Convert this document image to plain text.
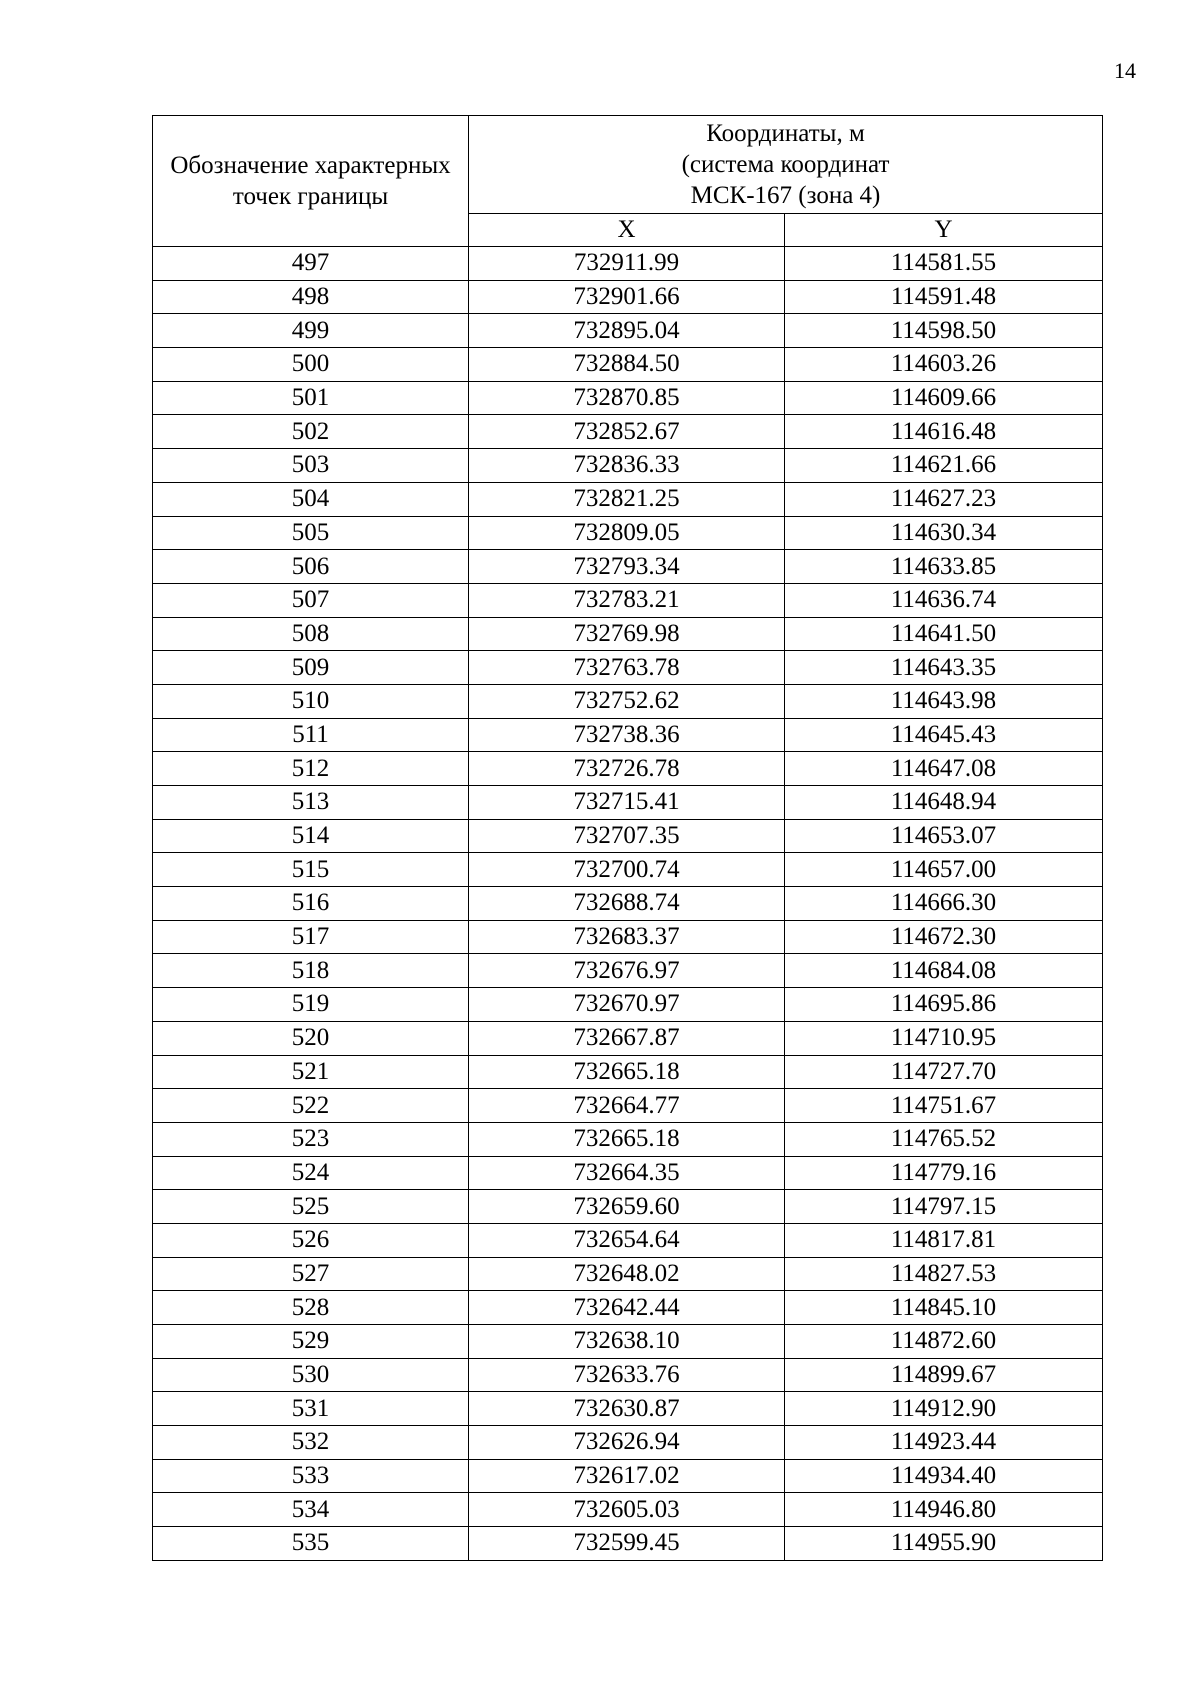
14
Обозначение характерных точек границы	Координаты, м
(система координат
МСК-167 (зона 4)	

	X	Y
497	732911.99	114581.55
498	732901.66	114591.48
499	732895.04	114598.50
500	732884.50	114603.26
501	732870.85	114609.66
502	732852.67	114616.48
503	732836.33	114621.66
504	732821.25	114627.23
505	732809.05	114630.34
506	732793.34	114633.85
507	732783.21	114636.74
508	732769.98	114641.50
509	732763.78	114643.35
510	732752.62	114643.98
511	732738.36	114645.43
512	732726.78	114647.08
513	732715.41	114648.94
514	732707.35	114653.07
515	732700.74	114657.00
516	732688.74	114666.30
517	732683.37	114672.30
518	732676.97	114684.08
519	732670.97	114695.86
520	732667.87	114710.95
521	732665.18	114727.70
522	732664.77	114751.67
523	732665.18	114765.52
524	732664.35	114779.16
525	732659.60	114797.15
526	732654.64	114817.81
527	732648.02	114827.53
528	732642.44	114845.10
529	732638.10	114872.60
530	732633.76	114899.67
531	732630.87	114912.90
532	732626.94	114923.44
533	732617.02	114934.40
534	732605.03	114946.80
535	732599.45	114955.90
